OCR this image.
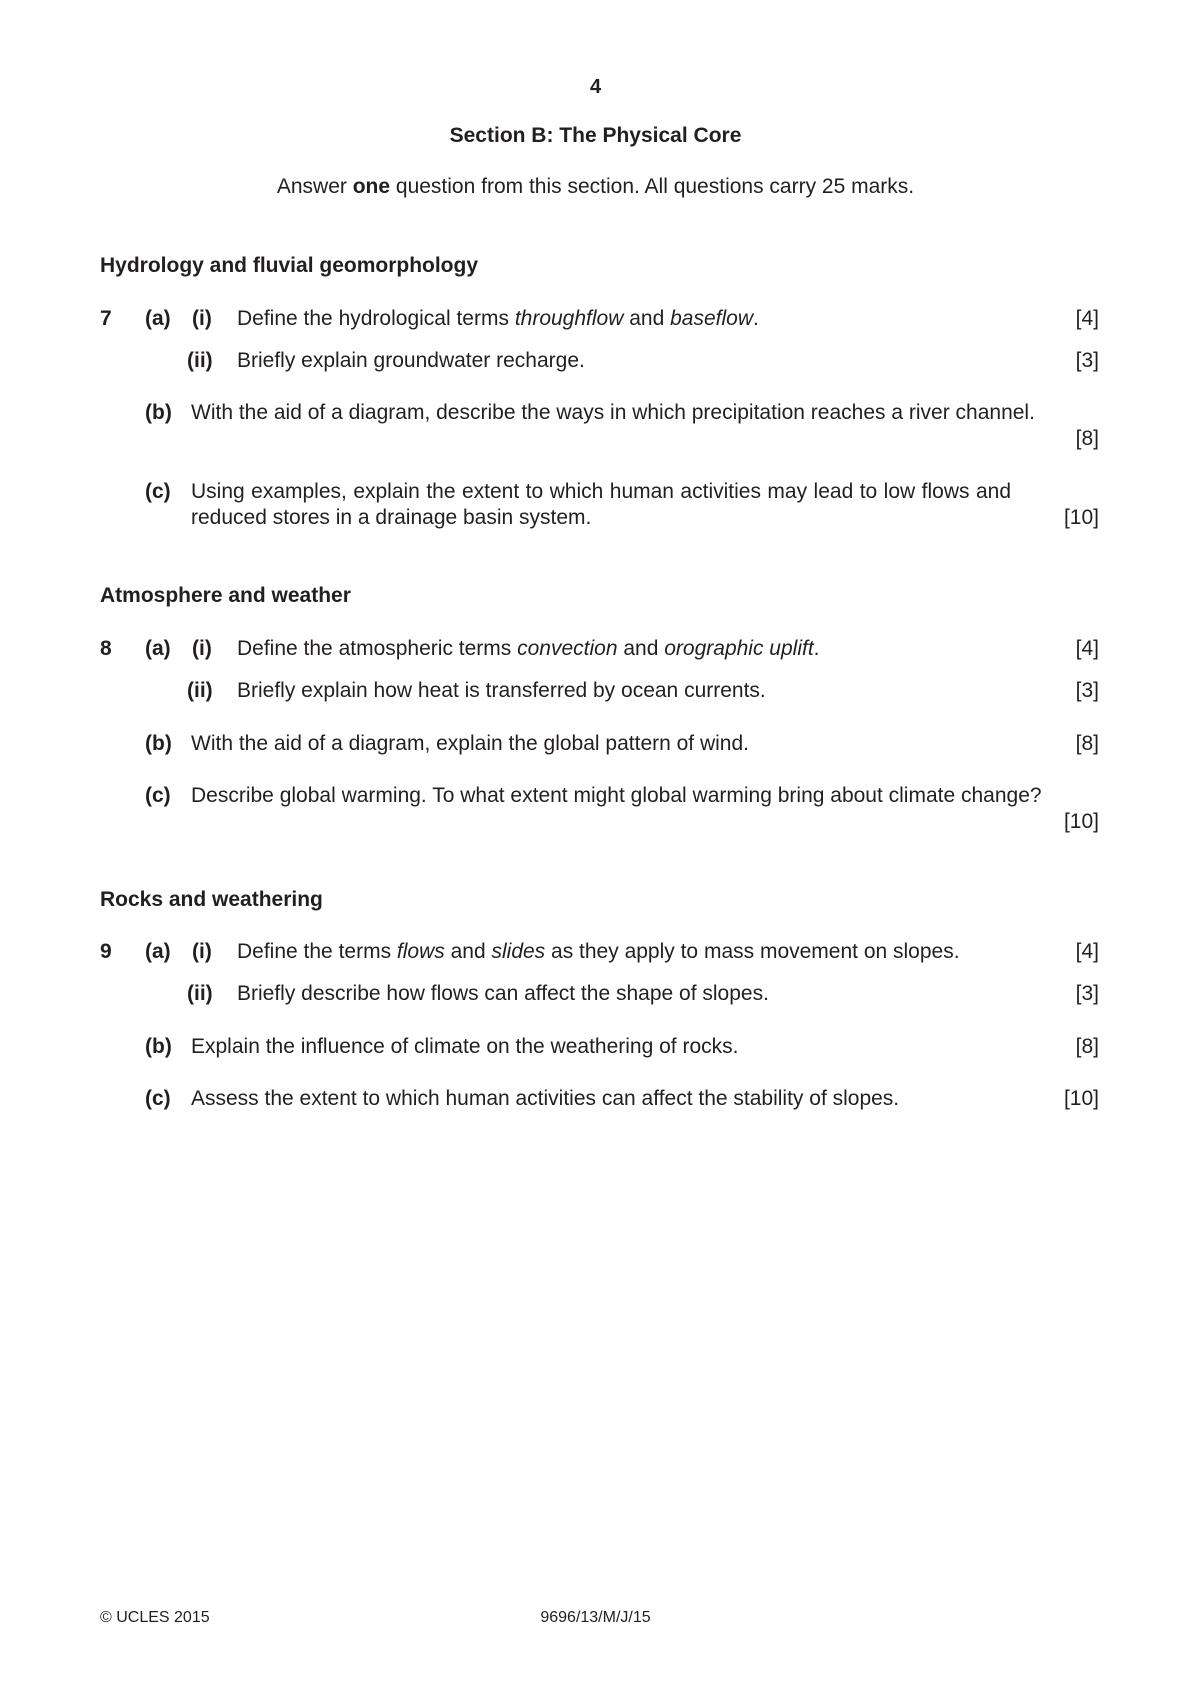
4
Section B: The Physical Core
Answer one question from this section. All questions carry 25 marks.
Hydrology and fluvial geomorphology
7 (a) (i) Define the hydrological terms throughflow and baseflow.	[4]
(ii) Briefly explain groundwater recharge.	[3]
(b) With the aid of a diagram, describe the ways in which precipitation reaches a river channel.
[8]
(c) Using examples, explain the extent to which human activities may lead to low flows and reduced stores in a drainage basin system.	[10]
Atmosphere and weather
8 (a) (i) Define the atmospheric terms convection and orographic uplift.	[4]
(ii) Briefly explain how heat is transferred by ocean currents.	[3]
(b) With the aid of a diagram, explain the global pattern of wind.	[8]
(c) Describe global warming. To what extent might global warming bring about climate change?
[10]
Rocks and weathering
9 (a) (i) Define the terms flows and slides as they apply to mass movement on slopes.	[4]
(ii) Briefly describe how flows can affect the shape of slopes.	[3]
(b) Explain the influence of climate on the weathering of rocks.	[8]
(c) Assess the extent to which human activities can affect the stability of slopes.	[10]
© UCLES 2015	9696/13/M/J/15
